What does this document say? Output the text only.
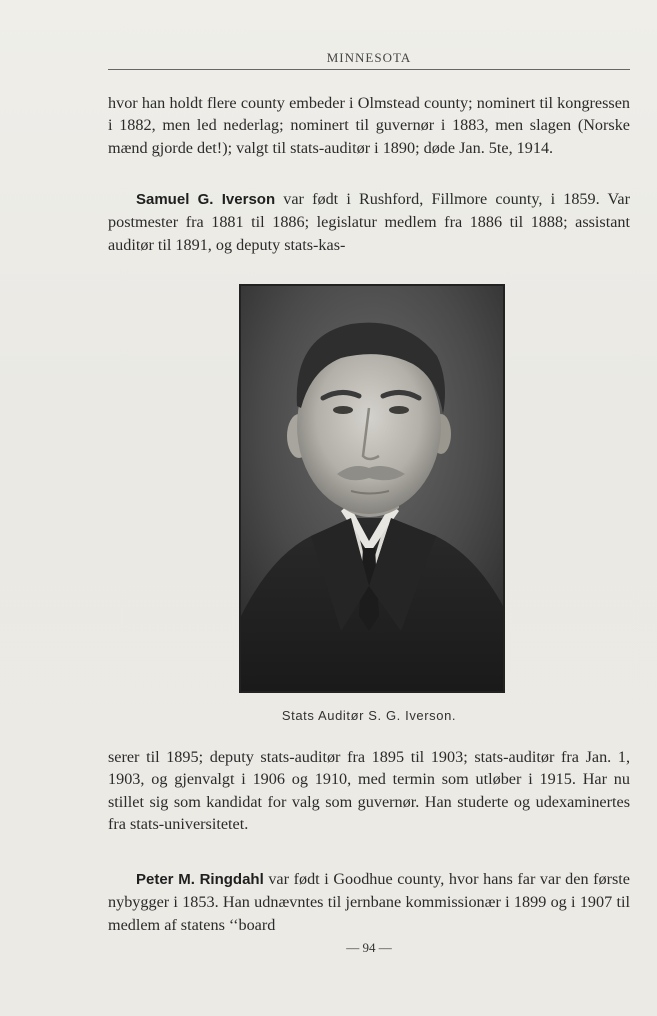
MINNESOTA
hvor han holdt flere county embeder i Olmstead county; nominert til kongressen i 1882, men led nederlag; nominert til guvernør i 1883, men slagen (Norske mænd gjorde det!); valgt til stats-auditør i 1890; døde Jan. 5te, 1914.
Samuel G. Iverson var født i Rushford, Fillmore county, i 1859. Var postmester fra 1881 til 1886; legislatur medlem fra 1886 til 1888; assistant auditør til 1891, og deputy stats-kas-
Stats Auditør S. G. Iverson.
serer til 1895; deputy stats-auditør fra 1895 til 1903; stats-auditør fra Jan. 1, 1903, og gjenvalgt i 1906 og 1910, med termin som utløber i 1915. Har nu stillet sig som kandidat for valg som guvernør. Han studerte og udexaminertes fra stats-universitetet.
Peter M. Ringdahl var født i Goodhue county, hvor hans far var den første nybygger i 1853. Han udnævntes til jernbane kommissionær i 1899 og i 1907 til medlem af statens ‘‘board
— 94 —
